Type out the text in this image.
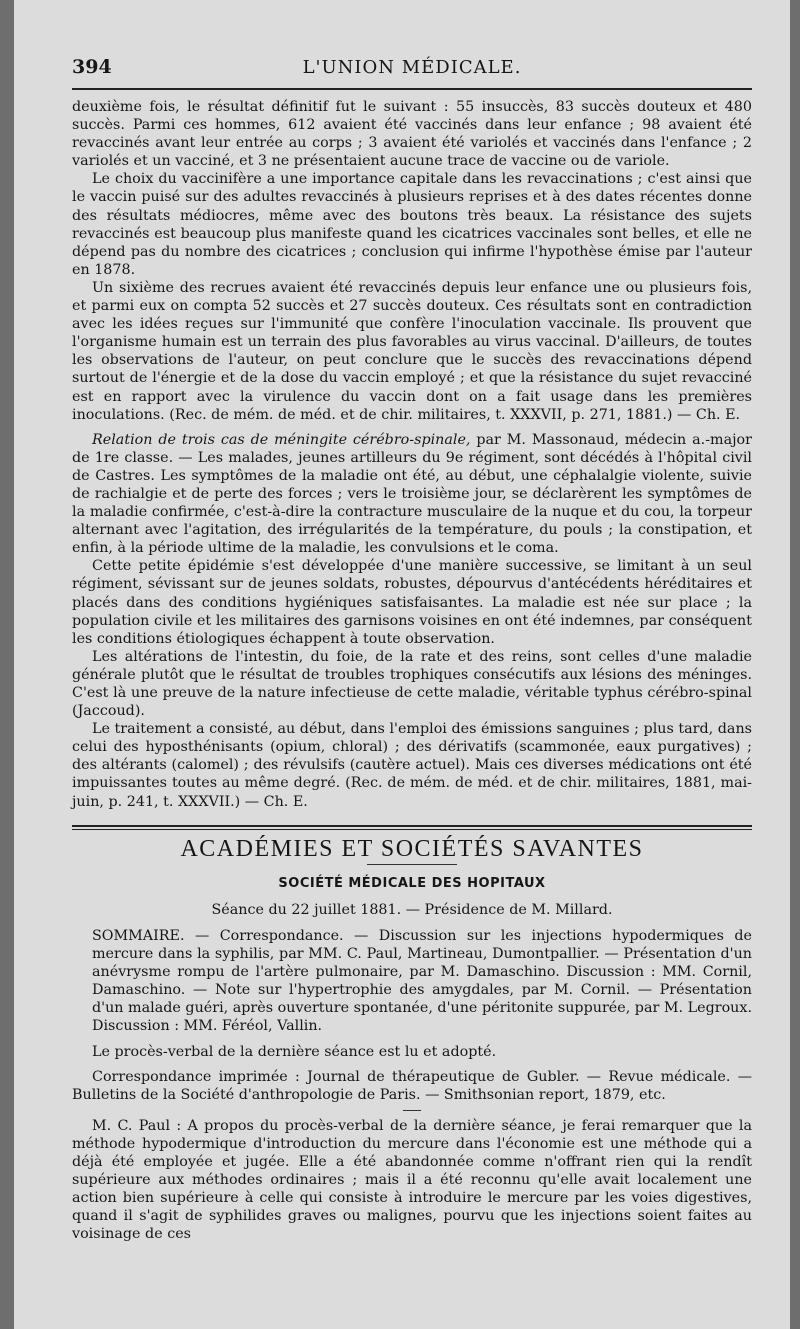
394	L'UNION MÉDICALE.

deuxième fois, le résultat définitif fut le suivant : 55 insuccès, 83 succès douteux et 480 succès. Parmi ces hommes, 612 avaient été vaccinés dans leur enfance ; 98 avaient été revaccinés avant leur entrée au corps ; 3 avaient été variolés et vaccinés dans l'enfance ; 2 variolés et un vacciné, et 3 ne présentaient aucune trace de vaccine ou de variole.

Le choix du vaccinifère a une importance capitale dans les revaccinations ; c'est ainsi que le vaccin puisé sur des adultes revaccinés à plusieurs reprises et à des dates récentes donne des résultats médiocres, même avec des boutons très beaux. La résistance des sujets revaccinés est beaucoup plus manifeste quand les cicatrices vaccinales sont belles, et elle ne dépend pas du nombre des cicatrices ; conclusion qui infirme l'hypothèse émise par l'auteur en 1878.

Un sixième des recrues avaient été revaccinés depuis leur enfance une ou plusieurs fois, et parmi eux on compta 52 succès et 27 succès douteux. Ces résultats sont en contradiction avec les idées reçues sur l'immunité que confère l'inoculation vaccinale. Ils prouvent que l'organisme humain est un terrain des plus favorables au virus vaccinal. D'ailleurs, de toutes les observations de l'auteur, on peut conclure que le succès des revaccinations dépend surtout de l'énergie et de la dose du vaccin employé ; et que la résistance du sujet revacciné est en rapport avec la virulence du vaccin dont on a fait usage dans les premières inoculations. (Rec. de mém. de méd. et de chir. militaires, t. XXXVII, p. 271, 1881.) — Ch. E.

Relation de trois cas de méningite cérébro-spinale, par M. Massonaud, médecin a.-major de 1re classe. — Les malades, jeunes artilleurs du 9e régiment, sont décédés à l'hôpital civil de Castres. Les symptômes de la maladie ont été, au début, une céphalalgie violente, suivie de rachialgie et de perte des forces ; vers le troisième jour, se déclarèrent les symptômes de la maladie confirmée, c'est-à-dire la contracture musculaire de la nuque et du cou, la torpeur alternant avec l'agitation, des irrégularités de la température, du pouls ; la constipation, et enfin, à la période ultime de la maladie, les convulsions et le coma.

Cette petite épidémie s'est développée d'une manière successive, se limitant à un seul régiment, sévissant sur de jeunes soldats, robustes, dépourvus d'antécédents héréditaires et placés dans des conditions hygiéniques satisfaisantes. La maladie est née sur place ; la population civile et les militaires des garnisons voisines en ont été indemnes, par conséquent les conditions étiologiques échappent à toute observation.

Les altérations de l'intestin, du foie, de la rate et des reins, sont celles d'une maladie générale plutôt que le résultat de troubles trophiques consécutifs aux lésions des méninges. C'est là une preuve de la nature infectieuse de cette maladie, véritable typhus cérébro-spinal (Jaccoud).

Le traitement a consisté, au début, dans l'emploi des émissions sanguines ; plus tard, dans celui des hyposthénisants (opium, chloral) ; des dérivatifs (scammonée, eaux purgatives) ; des altérants (calomel) ; des révulsifs (cautère actuel). Mais ces diverses médications ont été impuissantes toutes au même degré. (Rec. de mém. de méd. et de chir. militaires, 1881, mai-juin, p. 241, t. XXXVII.) — Ch. E.

ACADÉMIES ET SOCIÉTÉS SAVANTES
SOCIÉTÉ MÉDICALE DES HOPITAUX
Séance du 22 juillet 1881. — Présidence de M. Millard.

SOMMAIRE. — Correspondance. — Discussion sur les injections hypodermiques de mercure dans la syphilis, par MM. C. Paul, Martineau, Dumontpallier. — Présentation d'un anévrysme rompu de l'artère pulmonaire, par M. Damaschino. Discussion : MM. Cornil, Damaschino. — Note sur l'hypertrophie des amygdales, par M. Cornil. — Présentation d'un malade guéri, après ouverture spontanée, d'une péritonite suppurée, par M. Legroux. Discussion : MM. Féréol, Vallin.

Le procès-verbal de la dernière séance est lu et adopté.

Correspondance imprimée : Journal de thérapeutique de Gubler. — Revue médicale. — Bulletins de la Société d'anthropologie de Paris. — Smithsonian report, 1879, etc.

M. C. Paul : A propos du procès-verbal de la dernière séance, je ferai remarquer que la méthode hypodermique d'introduction du mercure dans l'économie est une méthode qui a déjà été employée et jugée. Elle a été abandonnée comme n'offrant rien qui la rendît supérieure aux méthodes ordinaires ; mais il a été reconnu qu'elle avait localement une action bien supérieure à celle qui consiste à introduire le mercure par les voies digestives, quand il s'agit de syphilides graves ou malignes, pourvu que les injections soient faites au voisinage de ces
